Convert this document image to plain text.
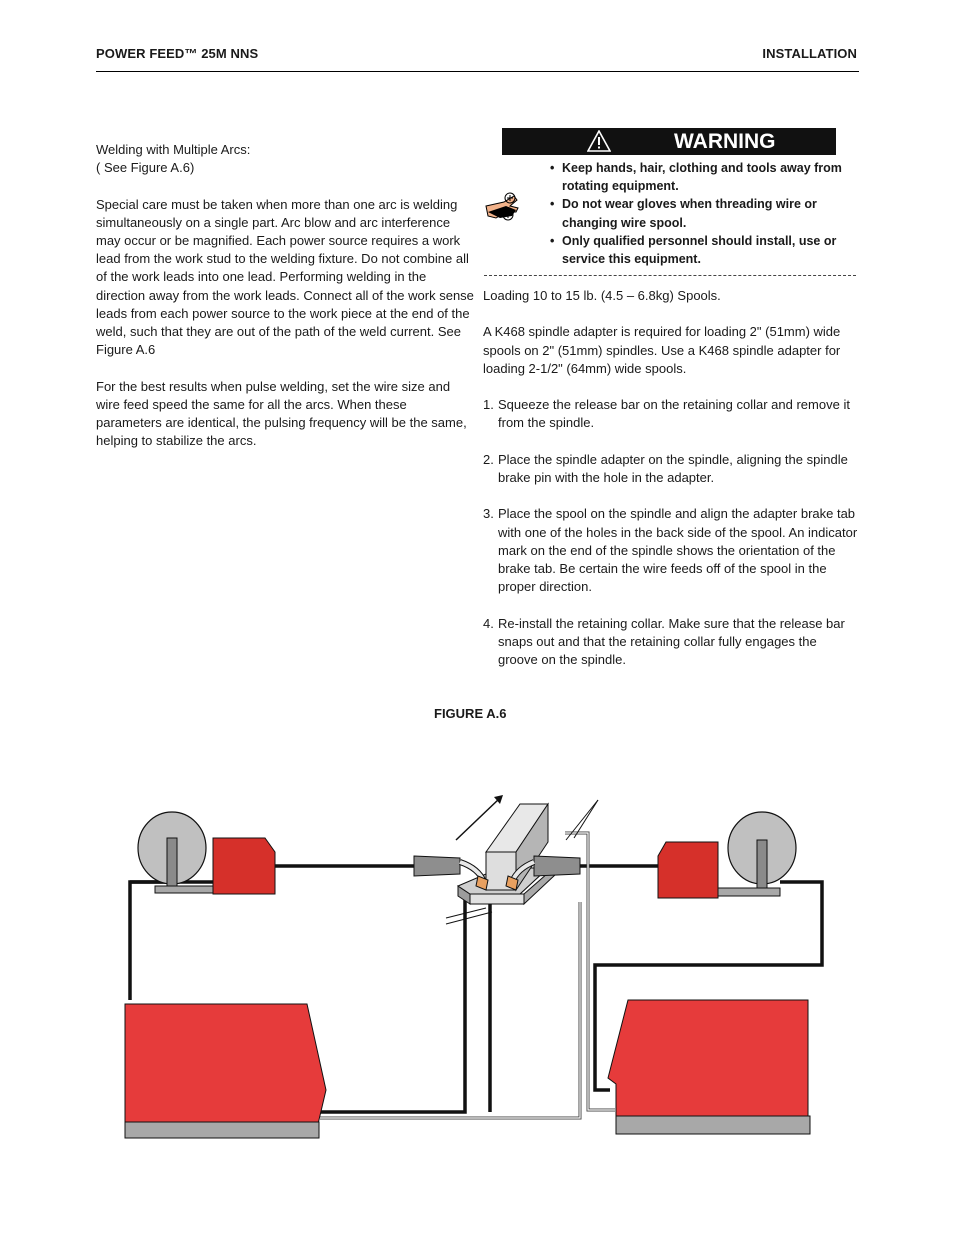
POWER FEED™ 25M NNS	INSTALLATION

Welding with Multiple Arcs:

( See Figure A.6)

Special care must be taken when more than one arc is welding simultaneously on a single part. Arc blow and arc interference may occur or be magnified. Each power source requires a work lead from the work stud to the welding fixture. Do not combine all of the work leads into one lead. Performing welding in the direction away from the work leads. Connect all of the work sense leads from each power source to the work piece at the end of the weld, such that they are out of the path of the weld current. See Figure A.6

For the best results when pulse welding, set the wire size and wire feed speed the same for all the arcs. When these parameters are identical, the pulsing frequency will be the same, helping to stabilize the arcs.

WARNING
• Keep hands, hair, clothing and tools away from rotating equipment.
• Do not wear gloves when threading wire or changing wire spool.
• Only qualified personnel should install, use or service this equipment.

Loading 10 to 15 lb. (4.5 – 6.8kg) Spools.

A K468 spindle adapter is required for loading 2" (51mm) wide spools on 2" (51mm) spindles. Use a K468 spindle adapter for loading 2-1/2" (64mm) wide spools.

1. Squeeze the release bar on the retaining collar and remove it from the spindle.
2. Place the spindle adapter on the spindle, aligning the spindle brake pin with the hole in the adapter.
3. Place the spool on the spindle and align the adapter brake tab with one of the holes in the back side of the spool. An indicator mark on the end of the spindle shows the orientation of the brake tab. Be certain the wire feeds off of the spool in the proper direction.
4. Re-install the retaining collar. Make sure that the release bar snaps out and that the retaining collar fully engages the groove on the spindle.
FIGURE A.6
